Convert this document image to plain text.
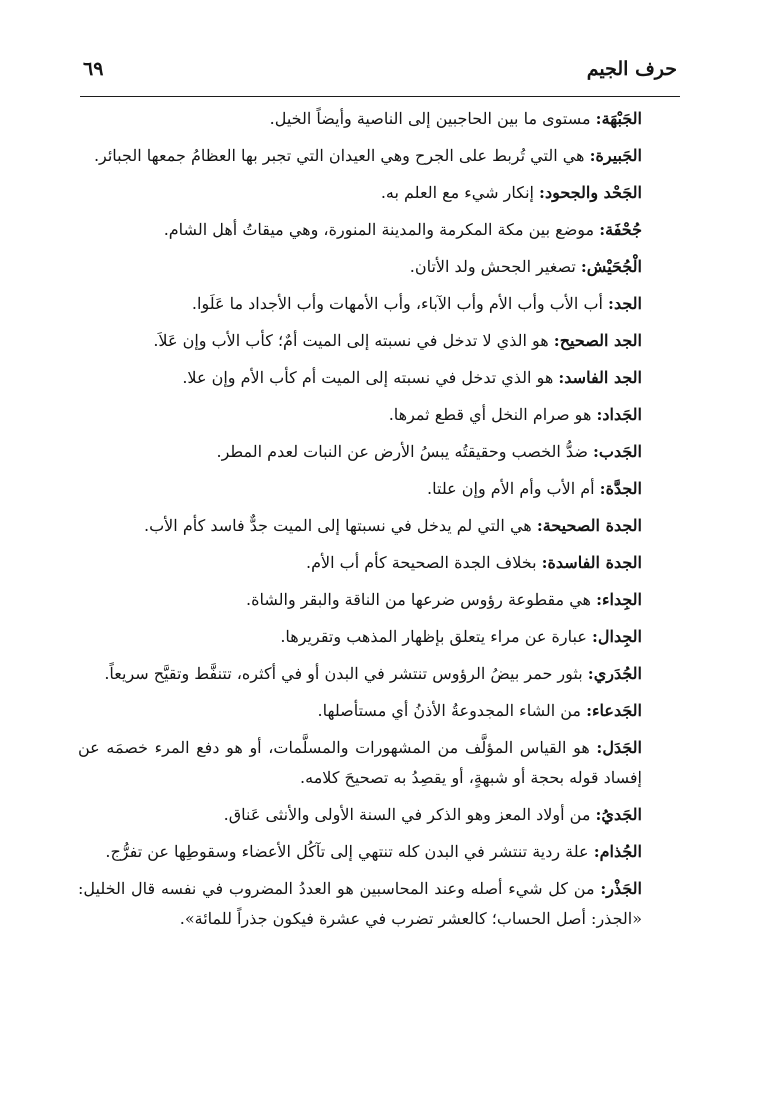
حرف الجيم
٦٩

الجَبْهَة: مستوى ما بين الحاجبين إلى الناصية وأيضاً الخيل.

الجَبيرة: هي التي تُربط على الجرح وهي العيدان التي تجبر بها العظامُ جمعها الجبائر.

الجَحْد والجحود: إنكار شيء مع العلم به.

جُحْفَة: موضع بين مكة المكرمة والمدينة المنورة، وهي ميقاتُ أهل الشام.

الْجُحَيْش: تصغير الجحش ولد الأتان.

الجد: أب الأب وأب الأم وأب الآباء، وأب الأمهات وأب الأجداد ما عَلَوا.

الجد الصحيح: هو الذي لا تدخل في نسبته إلى الميت أمٌ؛ كأب الأب وإن عَلاَ.

الجد الفاسد: هو الذي تدخل في نسبته إلى الميت أم كأب الأم وإن علا.

الجَداد: هو صرام النخل أي قطع ثمرها.

الجَدب: ضدُّ الخصب وحقيقتُه يبسُ الأرض عن النبات لعدم المطر.

الجدَّة: أم الأب وأم الأم وإن علتا.

الجدة الصحيحة: هي التي لم يدخل في نسبتها إلى الميت جدٌّ فاسد كأم الأب.

الجدة الفاسدة: بخلاف الجدة الصحيحة كأم أب الأم.

الجِداء: هي مقطوعة رؤوس ضرعها من الناقة والبقر والشاة.

الجِدال: عبارة عن مراء يتعلق بإظهار المذهب وتقريرها.

الجُدَري: بثور حمر بيضُ الرؤوس تنتشر في البدن أو في أكثره، تتنفَّط وتقيَّح سريعاً.

الجَدعاء: من الشاء المجدوعةُ الأذنُ أي مستأصلها.

الجَدَل: هو القياس المؤلَّف من المشهورات والمسلَّمات، أو هو دفع المرء خصمَه عن إفساد قوله بحجة أو شبهةٍ، أو يقصِدُ به تصحيحَ كلامه.

الجَديُ: من أولاد المعز وهو الذكر في السنة الأولى والأنثى عَناق.

الجُذام: علة ردية تنتشر في البدن كله تنتهي إلى تآكُل الأعضاء وسقوطِها عن تفرُّج.

الجَذْر: من كل شيء أصله وعند المحاسبين هو العددُ المضروب في نفسه قال الخليل: «الجذر: أصل الحساب؛ كالعشر تضرب في عشرة فيكون جذراً للمائة».
